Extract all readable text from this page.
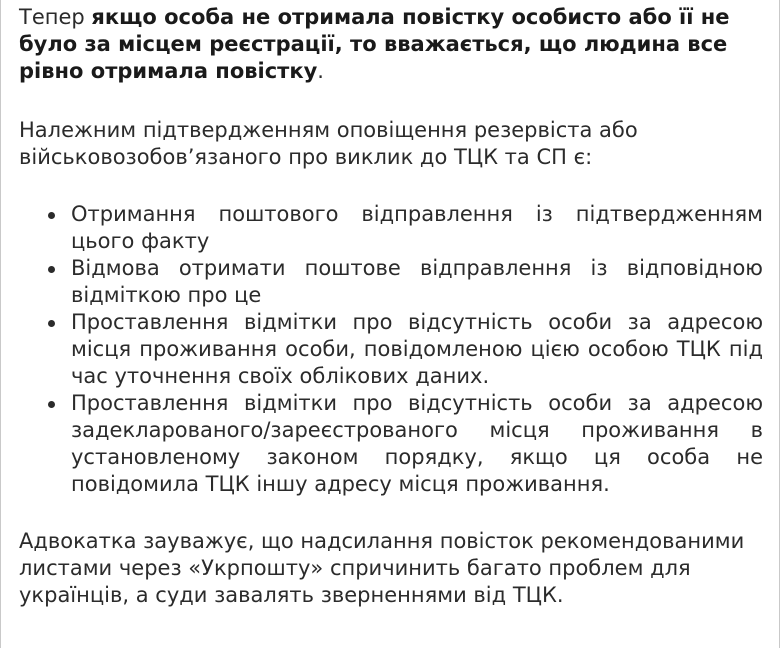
Тепер якщо особа не отримала повістку особисто або її не було за місцем реєстрації, то вважається, що людина все рівно отримала повістку.

Належним підтвердженням оповіщення резервіста або військовозобов’язаного про виклик до ТЦК та СП є:

Отримання поштового відправлення із підтвердженням цього факту
Відмова отримати поштове відправлення із відповідною відміткою про це
Проставлення відмітки про відсутність особи за адресою місця проживання особи, повідомленою цією особою ТЦК під час уточнення своїх облікових даних.
Проставлення відмітки про відсутність особи за адресою задекларованого/зареєстрованого місця проживання в установленому законом порядку, якщо ця особа не повідомила ТЦК іншу адресу місця проживання.

Адвокатка зауважує, що надсилання повісток рекомендованими листами через «Укрпошту» спричинить багато проблем для українців, а суди завалять зверненнями від ТЦК.
